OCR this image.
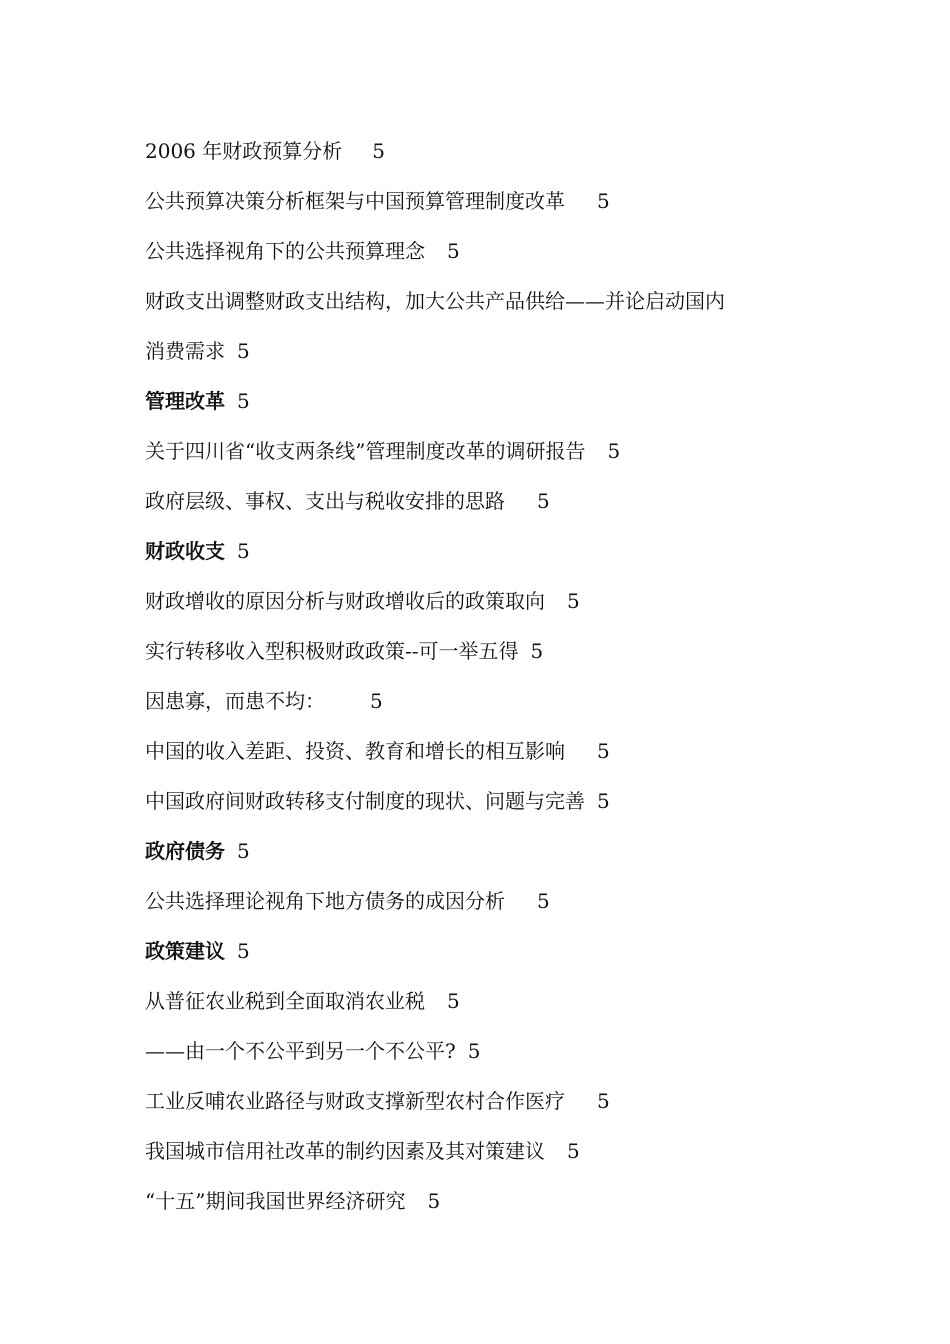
2006 年财政预算分析 5
公共预算决策分析框架与中国预算管理制度改革 5
公共选择视角下的公共预算理念 5
财政支出调整财政支出结构，加大公共产品供给——并论启动国内
消费需求 5
管理改革 5
关于四川省“收支两条线”管理制度改革的调研报告 5
政府层级、事权、支出与税收安排的思路 5
财政收支 5
财政增收的原因分析与财政增收后的政策取向 5
实行转移收入型积极财政政策--可一举五得 5
因患寡，而患不均： 5
中国的收入差距、投资、教育和增长的相互影响 5
中国政府间财政转移支付制度的现状、问题与完善 5
政府债务 5
公共选择理论视角下地方债务的成因分析 5
政策建议 5
从普征农业税到全面取消农业税 5
——由一个不公平到另一个不公平? 5
工业反哺农业路径与财政支撑新型农村合作医疗 5
我国城市信用社改革的制约因素及其对策建议 5
“十五”期间我国世界经济研究 5
